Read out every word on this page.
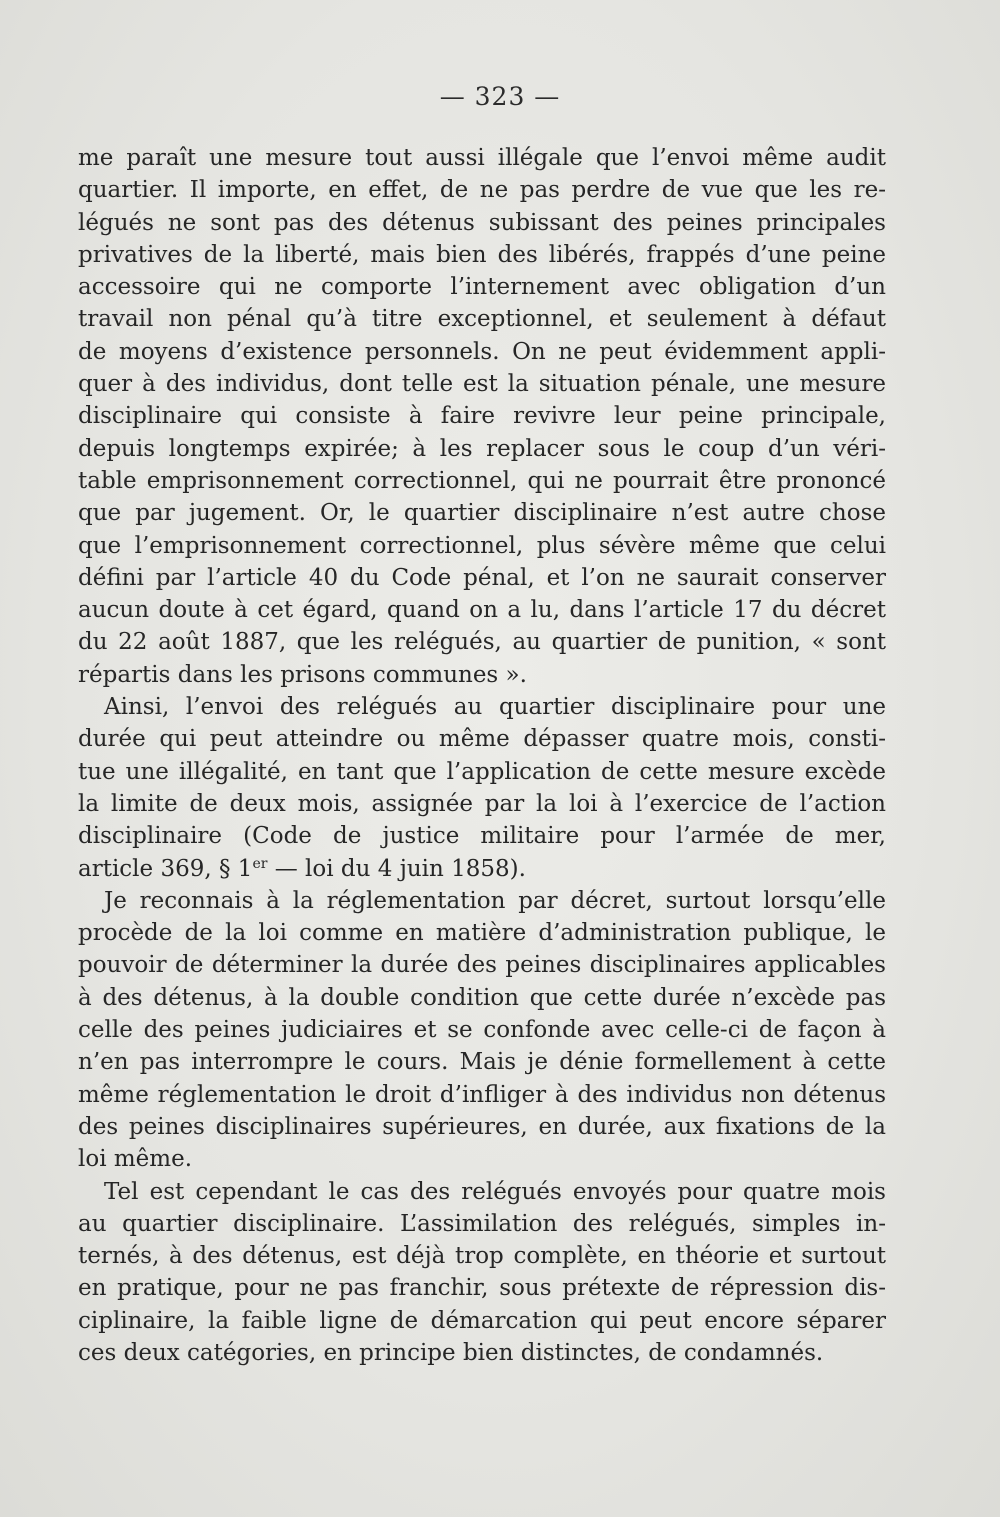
— 323 —
me paraît une mesure tout aussi illégale que l’envoi même audit
quartier. Il importe, en effet, de ne pas perdre de vue que les re-
légués ne sont pas des détenus subissant des peines principales
privatives de la liberté, mais bien des libérés, frappés d’une peine
accessoire qui ne comporte l’internement avec obligation d’un
travail non pénal qu’à titre exceptionnel, et seulement à défaut
de moyens d’existence personnels. On ne peut évidemment appli-
quer à des individus, dont telle est la situation pénale, une mesure
disciplinaire qui consiste à faire revivre leur peine principale,
depuis longtemps expirée; à les replacer sous le coup d’un véri-
table emprisonnement correctionnel, qui ne pourrait être prononcé
que par jugement. Or, le quartier disciplinaire n’est autre chose
que l’emprisonnement correctionnel, plus sévère même que celui
défini par l’article 40 du Code pénal, et l’on ne saurait conserver
aucun doute à cet égard, quand on a lu, dans l’article 17 du décret
du 22 août 1887, que les relégués, au quartier de punition, « sont
répartis dans les prisons communes ».
Ainsi, l’envoi des relégués au quartier disciplinaire pour une
durée qui peut atteindre ou même dépasser quatre mois, consti-
tue une illégalité, en tant que l’application de cette mesure excède
la limite de deux mois, assignée par la loi à l’exercice de l’action
disciplinaire (Code de justice militaire pour l’armée de mer,
article 369, § 1er — loi du 4 juin 1858).
Je reconnais à la réglementation par décret, surtout lorsqu’elle
procède de la loi comme en matière d’administration publique, le
pouvoir de déterminer la durée des peines disciplinaires applicables
à des détenus, à la double condition que cette durée n’excède pas
celle des peines judiciaires et se confonde avec celle-ci de façon à
n’en pas interrompre le cours. Mais je dénie formellement à cette
même réglementation le droit d’infliger à des individus non détenus
des peines disciplinaires supérieures, en durée, aux fixations de la
loi même.
Tel est cependant le cas des relégués envoyés pour quatre mois
au quartier disciplinaire. L’assimilation des relégués, simples in-
ternés, à des détenus, est déjà trop complète, en théorie et surtout
en pratique, pour ne pas franchir, sous prétexte de répression dis-
ciplinaire, la faible ligne de démarcation qui peut encore séparer
ces deux catégories, en principe bien distinctes, de condamnés.
